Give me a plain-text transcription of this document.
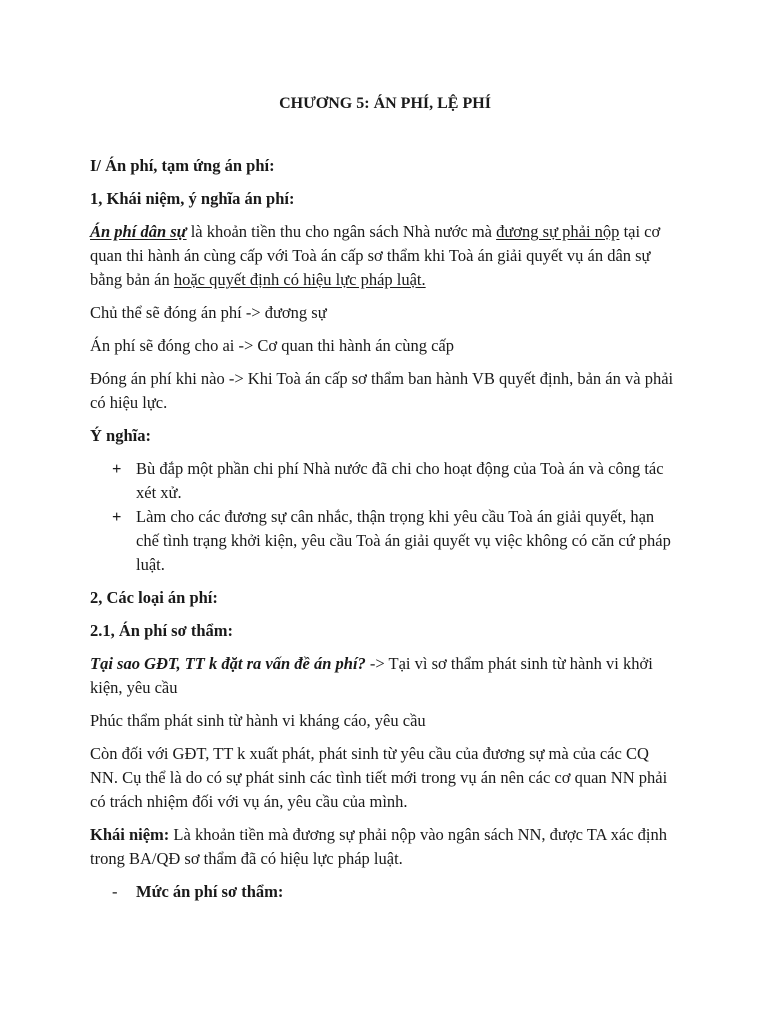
CHƯƠNG 5: ÁN PHÍ, LỆ PHÍ

I/ Án phí, tạm ứng án phí:

1, Khái niệm, ý nghĩa án phí:

Án phí dân sự là khoản tiền thu cho ngân sách Nhà nước mà đương sự phải nộp tại cơ quan thi hành án cùng cấp với Toà án cấp sơ thẩm khi Toà án giải quyết vụ án dân sự bằng bản án hoặc quyết định có hiệu lực pháp luật.

Chủ thể sẽ đóng án phí -> đương sự

Án phí sẽ đóng cho ai -> Cơ quan thi hành án cùng cấp

Đóng án phí khi nào -> Khi Toà án cấp sơ thẩm ban hành VB quyết định, bản án và phải có hiệu lực.

Ý nghĩa:

+ Bù đắp một phần chi phí Nhà nước đã chi cho hoạt động của Toà án và công tác xét xử.
+ Làm cho các đương sự cân nhắc, thận trọng khi yêu cầu Toà án giải quyết, hạn chế tình trạng khởi kiện, yêu cầu Toà án giải quyết vụ việc không có căn cứ pháp luật.

2, Các loại án phí:

2.1, Án phí sơ thẩm:

Tại sao GĐT, TT k đặt ra vấn đề án phí? -> Tại vì sơ thẩm phát sinh từ hành vi khởi kiện, yêu cầu

Phúc thẩm phát sinh từ hành vi kháng cáo, yêu cầu

Còn đối với GĐT, TT k xuất phát, phát sinh từ yêu cầu của đương sự mà của các CQ NN. Cụ thể là do có sự phát sinh các tình tiết mới trong vụ án nên các cơ quan NN phải có trách nhiệm đối với vụ án, yêu cầu của mình.

Khái niệm: Là khoản tiền mà đương sự phải nộp vào ngân sách NN, được TA xác định trong BA/QĐ sơ thẩm đã có hiệu lực pháp luật.

- Mức án phí sơ thẩm:
